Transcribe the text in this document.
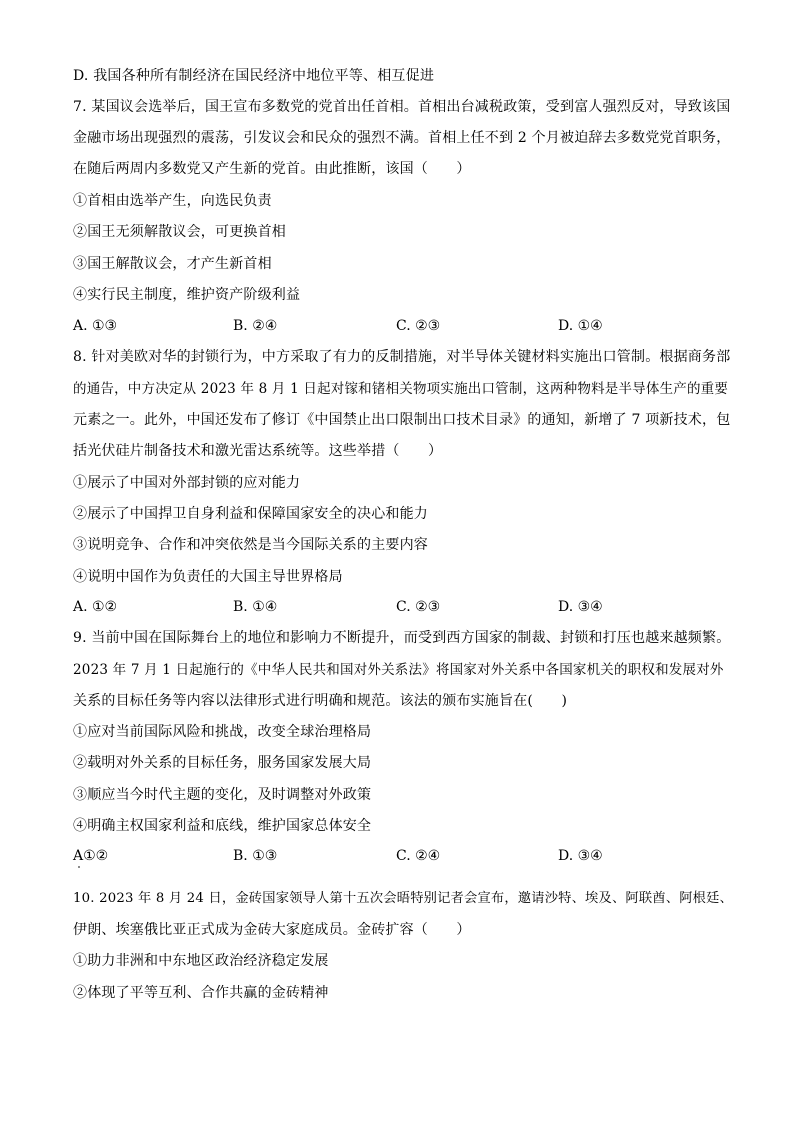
D. 我国各种所有制经济在国民经济中地位平等、相互促进
7. 某国议会选举后，国王宣布多数党的党首出任首相。首相出台减税政策，受到富人强烈反对，导致该国
金融市场出现强烈的震荡，引发议会和民众的强烈不满。首相上任不到 2 个月被迫辞去多数党党首职务，
在随后两周内多数党又产生新的党首。由此推断，该国（　　）
①首相由选举产生，向选民负责
②国王无须解散议会，可更换首相
③国王解散议会，才产生新首相
④实行民主制度，维护资产阶级利益
A. ①③	B. ②④	C. ②③	D. ①④
8. 针对美欧对华的封锁行为，中方采取了有力的反制措施，对半导体关键材料实施出口管制。根据商务部
的通告，中方决定从 2023 年 8 月 1 日起对镓和锗相关物项实施出口管制，这两种物料是半导体生产的重要
元素之一。此外，中国还发布了修订《中国禁止出口限制出口技术目录》的通知，新增了 7 项新技术，包
括光伏硅片制备技术和激光雷达系统等。这些举措（　　）
①展示了中国对外部封锁的应对能力
②展示了中国捍卫自身利益和保障国家安全的决心和能力
③说明竞争、合作和冲突依然是当今国际关系的主要内容
④说明中国作为负责任的大国主导世界格局
A. ①②	B. ①④	C. ②③	D. ③④
9. 当前中国在国际舞台上的地位和影响力不断提升，而受到西方国家的制裁、封锁和打压也越来越频繁。
2023 年 7 月 1 日起施行的《中华人民共和国对外关系法》将国家对外关系中各国家机关的职权和发展对外
关系的目标任务等内容以法律形式进行明确和规范。该法的颁布实施旨在(　　)
①应对当前国际风险和挑战，改变全球治理格局
②载明对外关系的目标任务，服务国家发展大局
③顺应当今时代主题的变化，及时调整对外政策
④明确主权国家利益和底线，维护国家总体安全
A①②	B. ①③	C. ②④	D. ③④
10. 2023 年 8 月 24 日，金砖国家领导人第十五次会晤特别记者会宣布，邀请沙特、埃及、阿联酋、阿根廷、
伊朗、埃塞俄比亚正式成为金砖大家庭成员。金砖扩容（　　）
①助力非洲和中东地区政治经济稳定发展
②体现了平等互利、合作共赢的金砖精神
